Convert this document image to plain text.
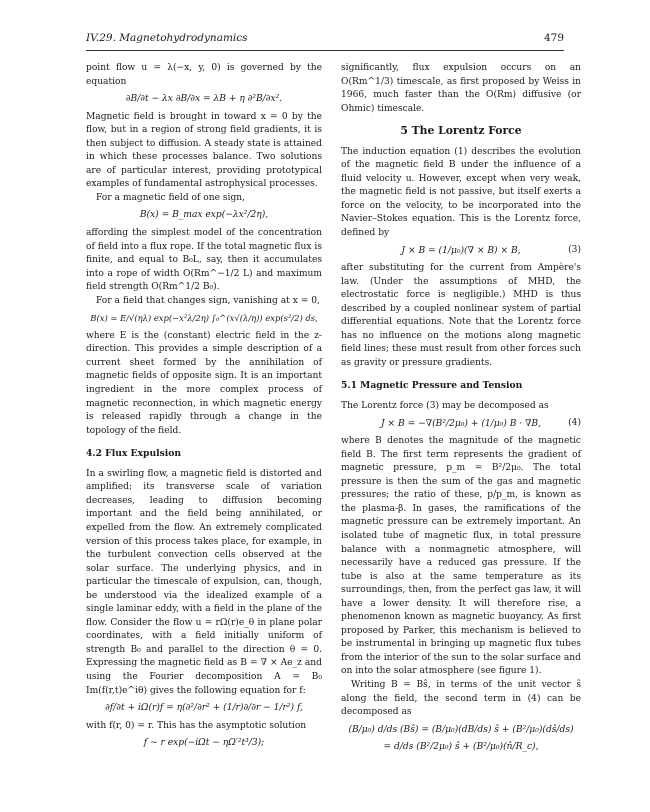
IV.29. Magnetohydrodynamics	479

point flow u = λ(−x, y, 0) is governed by the equation

∂B/∂t − λx ∂B/∂x = λB + η ∂²B/∂x².

Magnetic field is brought in toward x = 0 by the flow, but in a region of strong field gradients, it is then subject to diffusion. A steady state is attained in which these processes balance. Two solutions are of particular interest, providing prototypical examples of fundamental astrophysical processes.

For a magnetic field of one sign,

B(x) = B_max exp(−λx²/2η),

affording the simplest model of the concentration of field into a flux rope. If the total magnetic flux is finite, and equal to B₀L, say, then it accumulates into a rope of width O(Rm^−1/2 L) and maximum field strength O(Rm^1/2 B₀).

For a field that changes sign, vanishing at x = 0,

B(x) = E/√(ηλ) exp(−x²λ/2η) ∫₀^(x√(λ/η)) exp(s²/2) ds,

where E is the (constant) electric field in the z-direction. This provides a simple description of a current sheet formed by the annihilation of magnetic fields of opposite sign. It is an important ingredient in the more complex process of magnetic reconnection, in which magnetic energy is released rapidly through a change in the topology of the field.

4.2 Flux Expulsion

In a swirling flow, a magnetic field is distorted and amplified; its transverse scale of variation decreases, leading to diffusion becoming important and the field being annihilated, or expelled from the flow. An extremely complicated version of this process takes place, for example, in the turbulent convection cells observed at the solar surface. The underlying physics, and in particular the timescale of expulsion, can, though, be understood via the idealized example of a single laminar eddy, with a field in the plane of the flow. Consider the flow u = rΩ(r)e_θ in plane polar coordinates, with a field initially uniform of strength B₀ and parallel to the direction θ = 0. Expressing the magnetic field as B = ∇ × Ae_z and using the Fourier decomposition A = B₀ Im(f(r,t)e^iθ) gives the following equation for f:

∂f/∂t + iΩ(r)f = η(∂²/∂r² + (1/r)∂/∂r − 1/r²) f,

with f(r, 0) = r. This has the asymptotic solution

f ∼ r exp(−iΩt − ηΩ′²t³/3);

significantly, flux expulsion occurs on an O(Rm^1/3) timescale, as first proposed by Weiss in 1966, much faster than the O(Rm) diffusive (or Ohmic) timescale.

5 The Lorentz Force

The induction equation (1) describes the evolution of the magnetic field B under the influence of a fluid velocity u. However, except when very weak, the magnetic field is not passive, but itself exerts a force on the velocity, to be incorporated into the Navier–Stokes equation. This is the Lorentz force, defined by

J × B = (1/μ₀)(∇ × B) × B,	(3)

after substituting for the current from Ampère's law. (Under the assumptions of MHD, the electrostatic force is negligible.) MHD is thus described by a coupled nonlinear system of partial differential equations. Note that the Lorentz force has no influence on the motions along magnetic field lines; these must result from other forces such as gravity or pressure gradients.

5.1 Magnetic Pressure and Tension

The Lorentz force (3) may be decomposed as

J × B = −∇(B²/2μ₀) + (1/μ₀) B · ∇B,	(4)

where B denotes the magnitude of the magnetic field B. The first term represents the gradient of magnetic pressure, p_m = B²/2μ₀. The total pressure is then the sum of the gas and magnetic pressures; the ratio of these, p/p_m, is known as the plasma-β. In gases, the ramifications of the magnetic pressure can be extremely important. An isolated tube of magnetic flux, in total pressure balance with a nonmagnetic atmosphere, will necessarily have a reduced gas pressure. If the tube is also at the same temperature as its surroundings, then, from the perfect gas law, it will have a lower density. It will therefore rise, a phenomenon known as magnetic buoyancy. As first proposed by Parker, this mechanism is believed to be instrumental in bringing up magnetic flux tubes from the interior of the sun to the solar surface and on into the solar atmosphere (see figure 1).

Writing B = Bŝ, in terms of the unit vector ŝ along the field, the second term in (4) can be decomposed as

(B/μ₀) d/ds (Bŝ) = (B/μ₀)(dB/ds) ŝ + (B²/μ₀)(dŝ/ds)
= d/ds (B²/2μ₀) ŝ + (B²/μ₀)(n̂/R_c),
